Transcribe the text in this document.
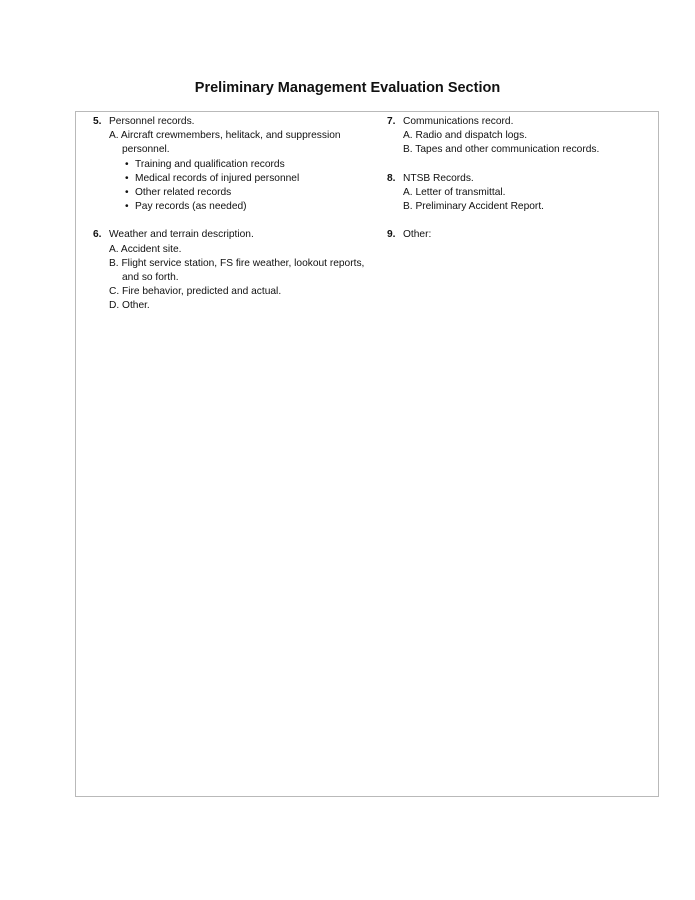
Preliminary Management Evaluation Section
5. Personnel records.
A. Aircraft crewmembers, helitack, and suppression personnel.
• Training and qualification records
• Medical records of injured personnel
• Other related records
• Pay records (as needed)
6. Weather and terrain description.
A. Accident site.
B. Flight service station, FS fire weather, lookout reports, and so forth.
C. Fire behavior, predicted and actual.
D. Other.
7. Communications record.
A. Radio and dispatch logs.
B. Tapes and other communication records.
8. NTSB Records.
A. Letter of transmittal.
B. Preliminary Accident Report.
9. Other:
